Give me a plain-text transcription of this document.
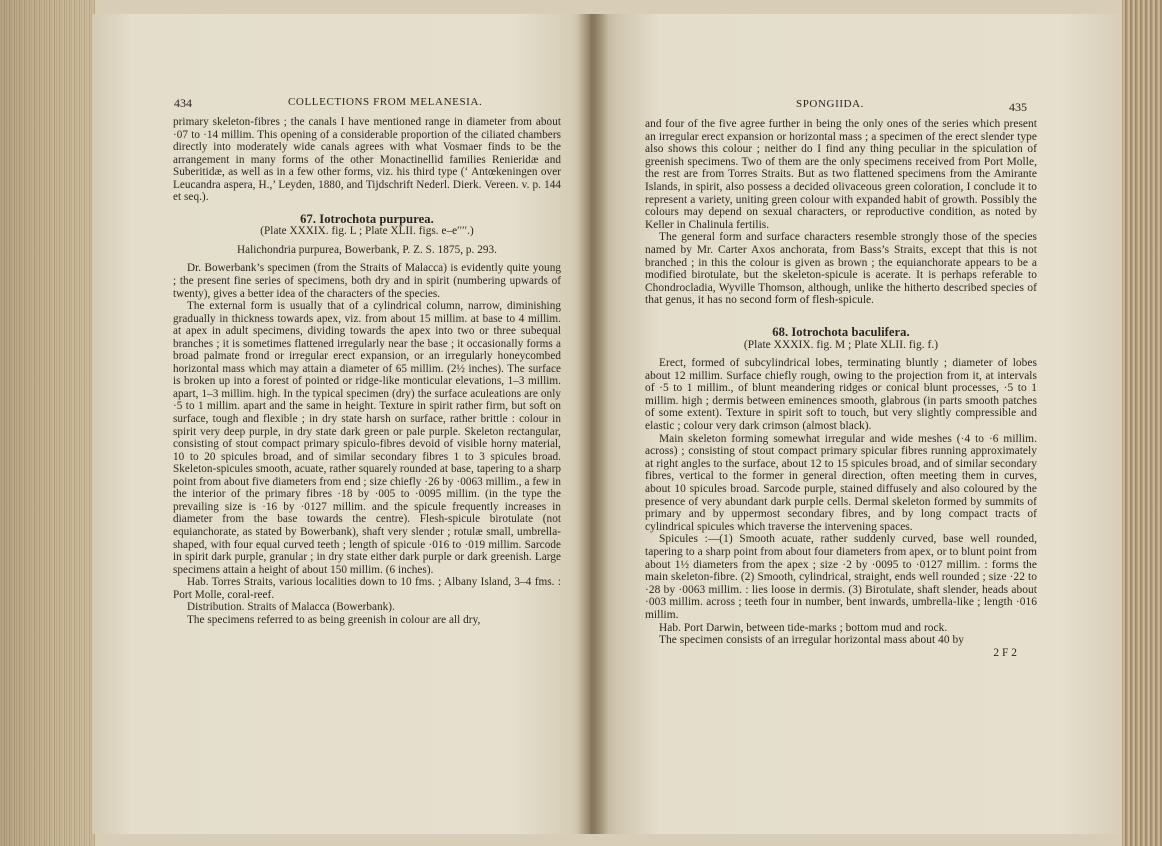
434	COLLECTIONS FROM MELANESIA.

primary skeleton-fibres ; the canals I have mentioned range in diameter from about ·07 to ·14 millim. This opening of a considerable proportion of the ciliated chambers directly into moderately wide canals agrees with what Vosmaer finds to be the arrangement in many forms of the other Monactinellid families Renieridæ and Suberitidæ, as well as in a few other forms, viz. his third type (‘ Antœkeningen over Leucandra aspera, H.,’ Leyden, 1880, and Tijdschrift Nederl. Dierk. Vereen. v. p. 144 et seq.).

67. Iotrochota purpurea.
(Plate XXXIX. fig. L ; Plate XLII. figs. e–e′′′′.)
Halichondria purpurea, Bowerbank, P. Z. S. 1875, p. 293.

Dr. Bowerbank’s specimen (from the Straits of Malacca) is evidently quite young ; the present fine series of specimens, both dry and in spirit (numbering upwards of twenty), gives a better idea of the characters of the species.

The external form is usually that of a cylindrical column, narrow, diminishing gradually in thickness towards apex, viz. from about 15 millim. at base to 4 millim. at apex in adult specimens, dividing towards the apex into two or three subequal branches ; it is sometimes flattened irregularly near the base ; it occasionally forms a broad palmate frond or irregular erect expansion, or an irregularly honeycombed horizontal mass which may attain a diameter of 65 millim. (2½ inches). The surface is broken up into a forest of pointed or ridge-like monticular elevations, 1–3 millim. apart, 1–3 millim. high. In the typical specimen (dry) the surface aculeations are only ·5 to 1 millim. apart and the same in height. Texture in spirit rather firm, but soft on surface, tough and flexible ; in dry state harsh on surface, rather brittle : colour in spirit very deep purple, in dry state dark green or pale purple. Skeleton rectangular, consisting of stout compact primary spiculo-fibres devoid of visible horny material, 10 to 20 spicules broad, and of similar secondary fibres 1 to 3 spicules broad. Skeleton-spicules smooth, acuate, rather squarely rounded at base, tapering to a sharp point from about five diameters from end ; size chiefly ·26 by ·0063 millim., a few in the interior of the primary fibres ·18 by ·005 to ·0095 millim. (in the type the prevailing size is ·16 by ·0127 millim. and the spicule frequently increases in diameter from the base towards the centre). Flesh-spicule birotulate (not equianchorate, as stated by Bowerbank), shaft very slender ; rotulæ small, umbrella-shaped, with four equal curved teeth ; length of spicule ·016 to ·019 millim. Sarcode in spirit dark purple, granular ; in dry state either dark purple or dark greenish. Large specimens attain a height of about 150 millim. (6 inches).

Hab. Torres Straits, various localities down to 10 fms. ; Albany Island, 3–4 fms. : Port Molle, coral-reef.

Distribution. Straits of Malacca (Bowerbank).

The specimens referred to as being greenish in colour are all dry,

SPONGIIDA.	435

and four of the five agree further in being the only ones of the series which present an irregular erect expansion or horizontal mass ; a specimen of the erect slender type also shows this colour ; neither do I find any thing peculiar in the spiculation of greenish specimens. Two of them are the only specimens received from Port Molle, the rest are from Torres Straits. But as two flattened specimens from the Amirante Islands, in spirit, also possess a decided olivaceous green coloration, I conclude it to represent a variety, uniting green colour with expanded habit of growth. Possibly the colours may depend on sexual characters, or reproductive condition, as noted by Keller in Chalinula fertilis.

The general form and surface characters resemble strongly those of the species named by Mr. Carter Axos anchorata, from Bass’s Straits, except that this is not branched ; in this the colour is given as brown ; the equianchorate appears to be a modified birotulate, but the skeleton-spicule is acerate. It is perhaps referable to Chondrocladia, Wyville Thomson, although, unlike the hitherto described species of that genus, it has no second form of flesh-spicule.

68. Iotrochota baculifera.
(Plate XXXIX. fig. M ; Plate XLII. fig. f.)

Erect, formed of subcylindrical lobes, terminating bluntly ; diameter of lobes about 12 millim. Surface chiefly rough, owing to the projection from it, at intervals of ·5 to 1 millim., of blunt meandering ridges or conical blunt processes, ·5 to 1 millim. high ; dermis between eminences smooth, glabrous (in parts smooth patches of some extent). Texture in spirit soft to touch, but very slightly compressible and elastic ; colour very dark crimson (almost black).

Main skeleton forming somewhat irregular and wide meshes (·4 to ·6 millim. across) ; consisting of stout compact primary spicular fibres running approximately at right angles to the surface, about 12 to 15 spicules broad, and of similar secondary fibres, vertical to the former in general direction, often meeting them in curves, about 10 spicules broad. Sarcode purple, stained diffusely and also coloured by the presence of very abundant dark purple cells. Dermal skeleton formed by summits of primary and by uppermost secondary fibres, and by long compact tracts of cylindrical spicules which traverse the intervening spaces.

Spicules :—(1) Smooth acuate, rather suddenly curved, base well rounded, tapering to a sharp point from about four diameters from apex, or to blunt point from about 1½ diameters from the apex ; size ·2 by ·0095 to ·0127 millim. : forms the main skeleton-fibre. (2) Smooth, cylindrical, straight, ends well rounded ; size ·22 to ·28 by ·0063 millim. : lies loose in dermis. (3) Birotulate, shaft slender, heads about ·003 millim. across ; teeth four in number, bent inwards, umbrella-like ; length ·016 millim.

Hab. Port Darwin, between tide-marks ; bottom mud and rock.

The specimen consists of an irregular horizontal mass about 40 by

2 F 2
